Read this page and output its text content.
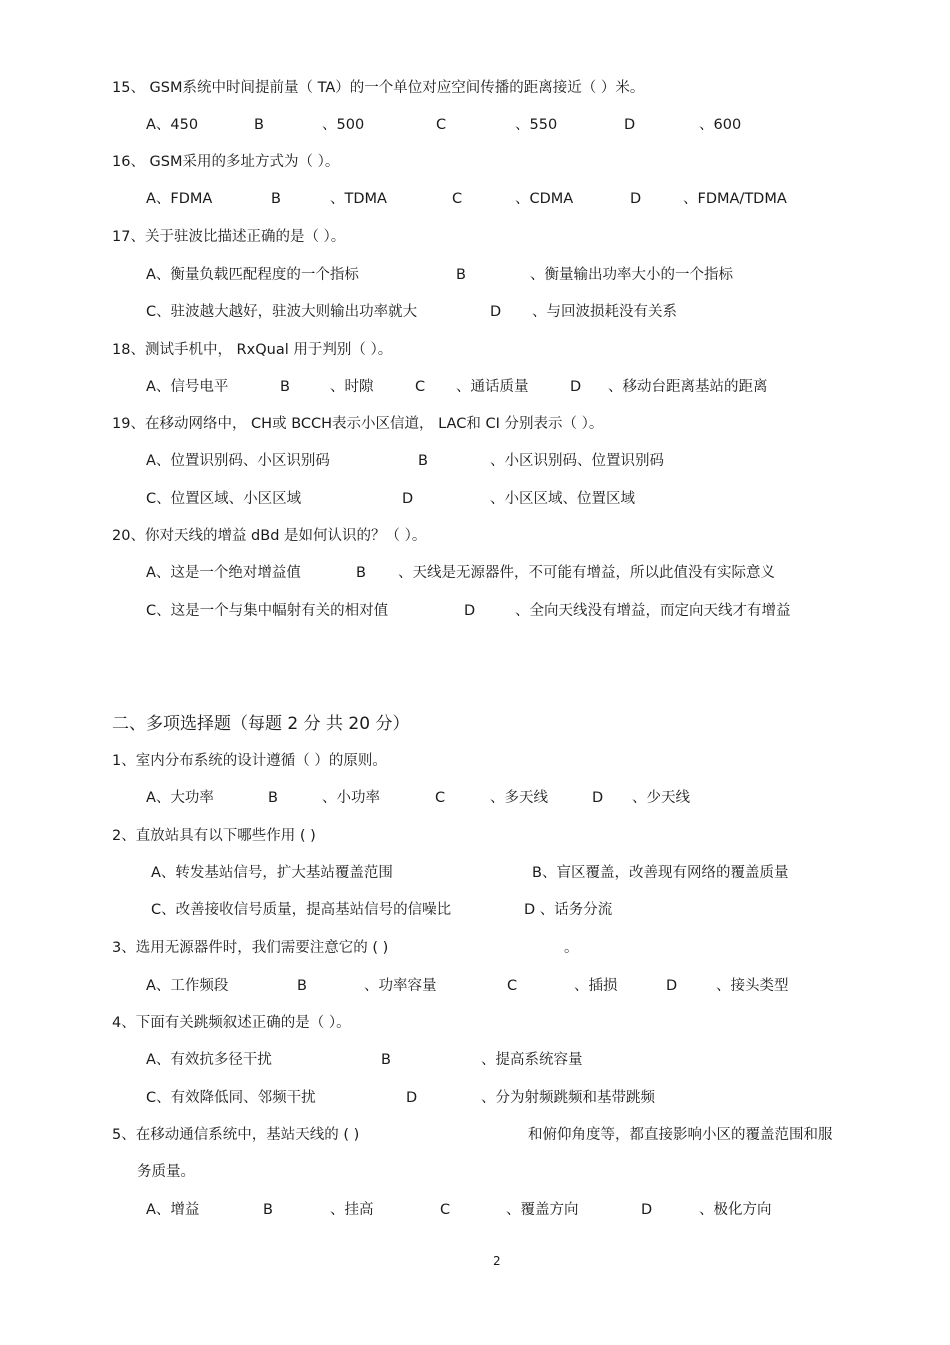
15、 GSM系统中时间提前量（ TA）的一个单位对应空间传播的距离接近（ ）米。
A、450	B	、500	C	、550	D	、600
16、 GSM采用的多址方式为（ ）。
A、FDMA	B	、TDMA	C	、CDMA	D	、FDMA/TDMA
17、关于驻波比描述正确的是（ ）。
A、衡量负载匹配程度的一个指标	B	、衡量输出功率大小的一个指标
C、驻波越大越好，驻波大则输出功率就大	D 、与回波损耗没有关系
18、测试手机中， RxQual 用于判别（ ）。
A、信号电平	B	、时隙	C 、通话质量	D 、移动台距离基站的距离
19、在移动网络中， CH或 BCCH表示小区信道， LAC和 CI 分别表示（ ）。
A、位置识别码、小区识别码	B	、小区识别码、位置识别码
C、位置区域、小区区域	D	、小区区域、位置区域
20、你对天线的增益 dBd 是如何认识的？（ ）。
A、这是一个绝对增益值	B 、天线是无源器件，不可能有增益，所以此值没有实际意义
C、这是一个与集中幅射有关的相对值	D	、全向天线没有增益，而定向天线才有增益
二、多项选择题（每题 2 分 共 20 分）
1、室内分布系统的设计遵循（ ）的原则。
A、大功率	B	、小功率	C	、多天线	D 、少天线
2、直放站具有以下哪些作用 ( )
A、转发基站信号，扩大基站覆盖范围	B、盲区覆盖，改善现有网络的覆盖质量
C、改善接收信号质量，提高基站信号的信噪比	D 、话务分流
3、选用无源器件时，我们需要注意它的 ( )	。
A、工作频段	B	、功率容量	C	、插损	D	、接头类型
4、下面有关跳频叙述正确的是（ ）。
A、有效抗多径干扰	B	、提高系统容量
C、有效降低同、邻频干扰	D	、分为射频跳频和基带跳频
5、在移动通信系统中，基站天线的 ( )	和俯仰角度等，都直接影响小区的覆盖范围和服
务质量。
A、增益	B	、挂高	C	、覆盖方向	D	、极化方向
2
